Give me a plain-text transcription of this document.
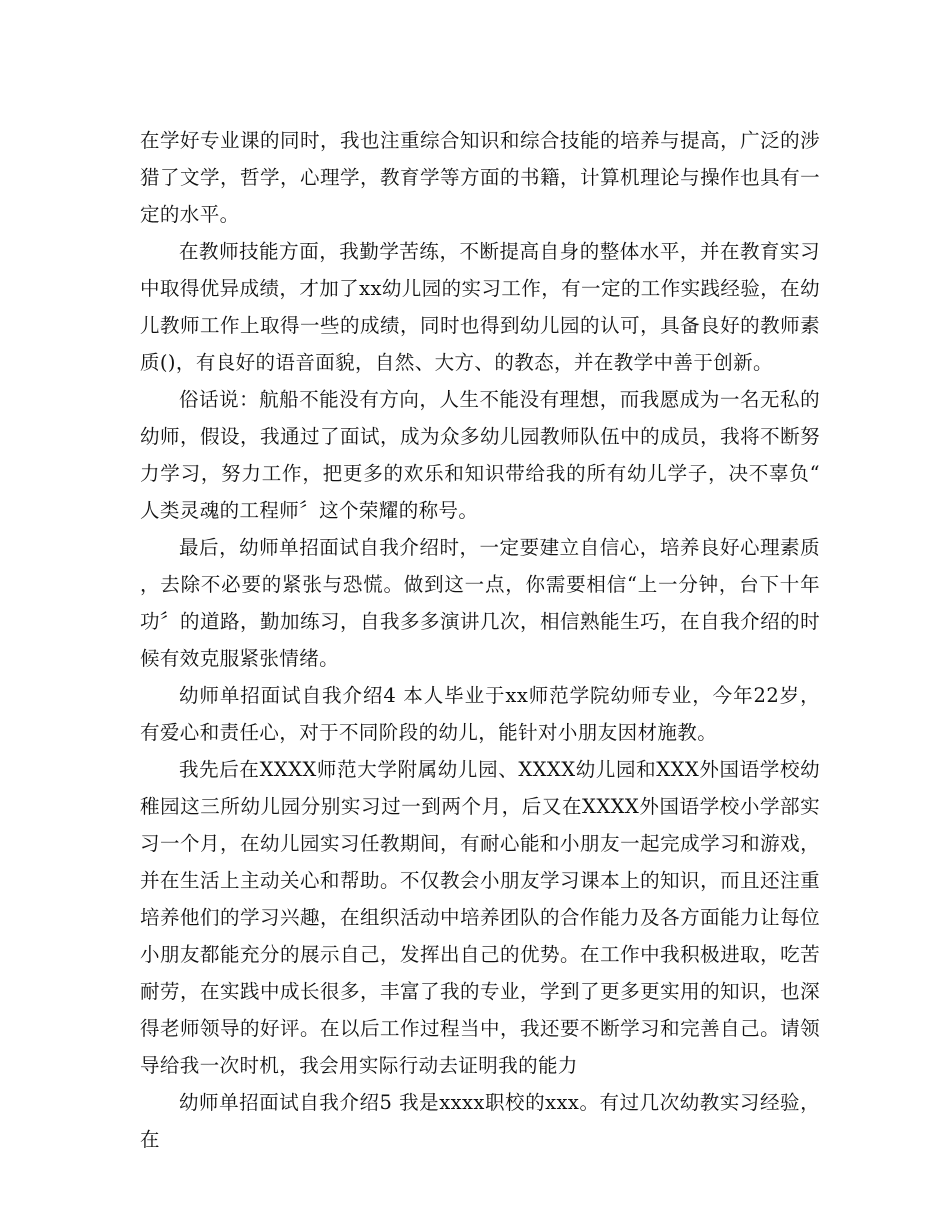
在学好专业课的同时，我也注重综合知识和综合技能的培养与提高，广泛的涉猎了文学，哲学，心理学，教育学等方面的书籍，计算机理论与操作也具有一定的水平。

在教师技能方面，我勤学苦练，不断提高自身的整体水平，并在教育实习中取得优异成绩，才加了xx幼儿园的实习工作，有一定的工作实践经验，在幼儿教师工作上取得一些的成绩，同时也得到幼儿园的认可，具备良好的教师素质()，有良好的语音面貌，自然、大方、的教态，并在教学中善于创新。

俗话说：航船不能没有方向，人生不能没有理想，而我愿成为一名无私的幼师，假设，我通过了面试，成为众多幼儿园教师队伍中的成员，我将不断努力学习，努力工作，把更多的欢乐和知识带给我的所有幼儿学子，决不辜负“人类灵魂的工程师〞这个荣耀的称号。

最后，幼师单招面试自我介绍时，一定要建立自信心，培养良好心理素质，去除不必要的紧张与恐慌。做到这一点，你需要相信“上一分钟，台下十年功〞的道路，勤加练习，自我多多演讲几次，相信熟能生巧，在自我介绍的时候有效克服紧张情绪。

幼师单招面试自我介绍4 本人毕业于xx师范学院幼师专业，今年22岁，有爱心和责任心，对于不同阶段的幼儿，能针对小朋友因材施教。

我先后在XXXX师范大学附属幼儿园、XXXX幼儿园和XXX外国语学校幼稚园这三所幼儿园分别实习过一到两个月，后又在XXXX外国语学校小学部实习一个月，在幼儿园实习任教期间，有耐心能和小朋友一起完成学习和游戏，并在生活上主动关心和帮助。不仅教会小朋友学习课本上的知识，而且还注重培养他们的学习兴趣，在组织活动中培养团队的合作能力及各方面能力让每位小朋友都能充分的展示自己，发挥出自己的优势。在工作中我积极进取，吃苦耐劳，在实践中成长很多，丰富了我的专业，学到了更多更实用的知识，也深得老师领导的好评。在以后工作过程当中，我还要不断学习和完善自己。请领导给我一次时机，我会用实际行动去证明我的能力

幼师单招面试自我介绍5 我是xxxx职校的xxx。有过几次幼教实习经验，在
